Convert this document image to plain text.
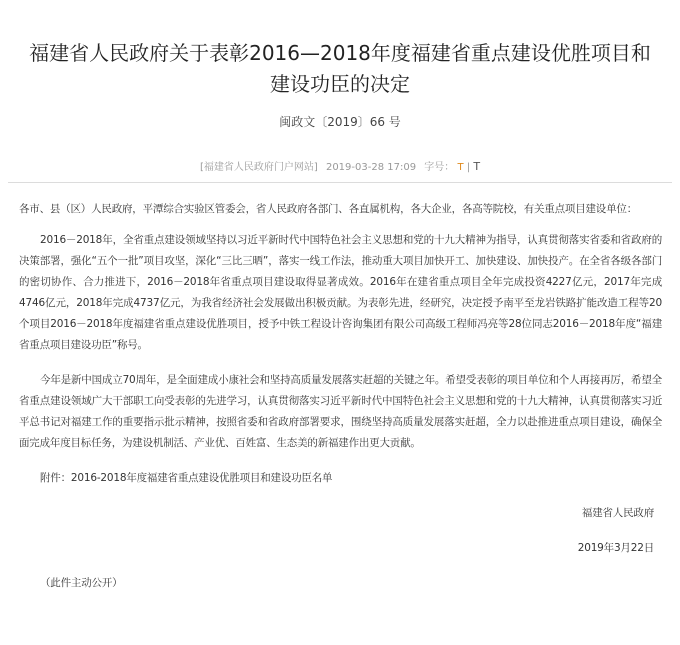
福建省人民政府关于表彰2016—2018年度福建省重点建设优胜项目和建设功臣的决定
闽政文〔2019〕66 号
[福建省人民政府门户网站] 2019-03-28 17:09 字号： T | T

各市、县（区）人民政府，平潭综合实验区管委会，省人民政府各部门、各直属机构，各大企业，各高等院校，有关重点项目建设单位：

2016－2018年，全省重点建设领域坚持以习近平新时代中国特色社会主义思想和党的十九大精神为指导，认真贯彻落实省委和省政府的决策部署，强化“五个一批”项目攻坚，深化“三比三晒”，落实一线工作法，推动重大项目加快开工、加快建设、加快投产。在全省各级各部门的密切协作、合力推进下，2016－2018年省重点项目建设取得显著成效。2016年在建省重点项目全年完成投资4227亿元，2017年完成4746亿元，2018年完成4737亿元，为我省经济社会发展做出积极贡献。为表彰先进，经研究，决定授予南平至龙岩铁路扩能改造工程等20个项目2016－2018年度福建省重点建设优胜项目，授予中铁工程设计咨询集团有限公司高级工程师冯亮等28位同志2016－2018年度“福建省重点项目建设功臣”称号。

今年是新中国成立70周年，是全面建成小康社会和坚持高质量发展落实赶超的关键之年。希望受表彰的项目单位和个人再接再厉，希望全省重点建设领域广大干部职工向受表彰的先进学习，认真贯彻落实习近平新时代中国特色社会主义思想和党的十九大精神，认真贯彻落实习近平总书记对福建工作的重要指示批示精神，按照省委和省政府部署要求，围绕坚持高质量发展落实赶超，全力以赴推进重点项目建设，确保全面完成年度目标任务，为建设机制活、产业优、百姓富、生态美的新福建作出更大贡献。

附件：2016-2018年度福建省重点建设优胜项目和建设功臣名单

福建省人民政府

2019年3月22日

（此件主动公开）
